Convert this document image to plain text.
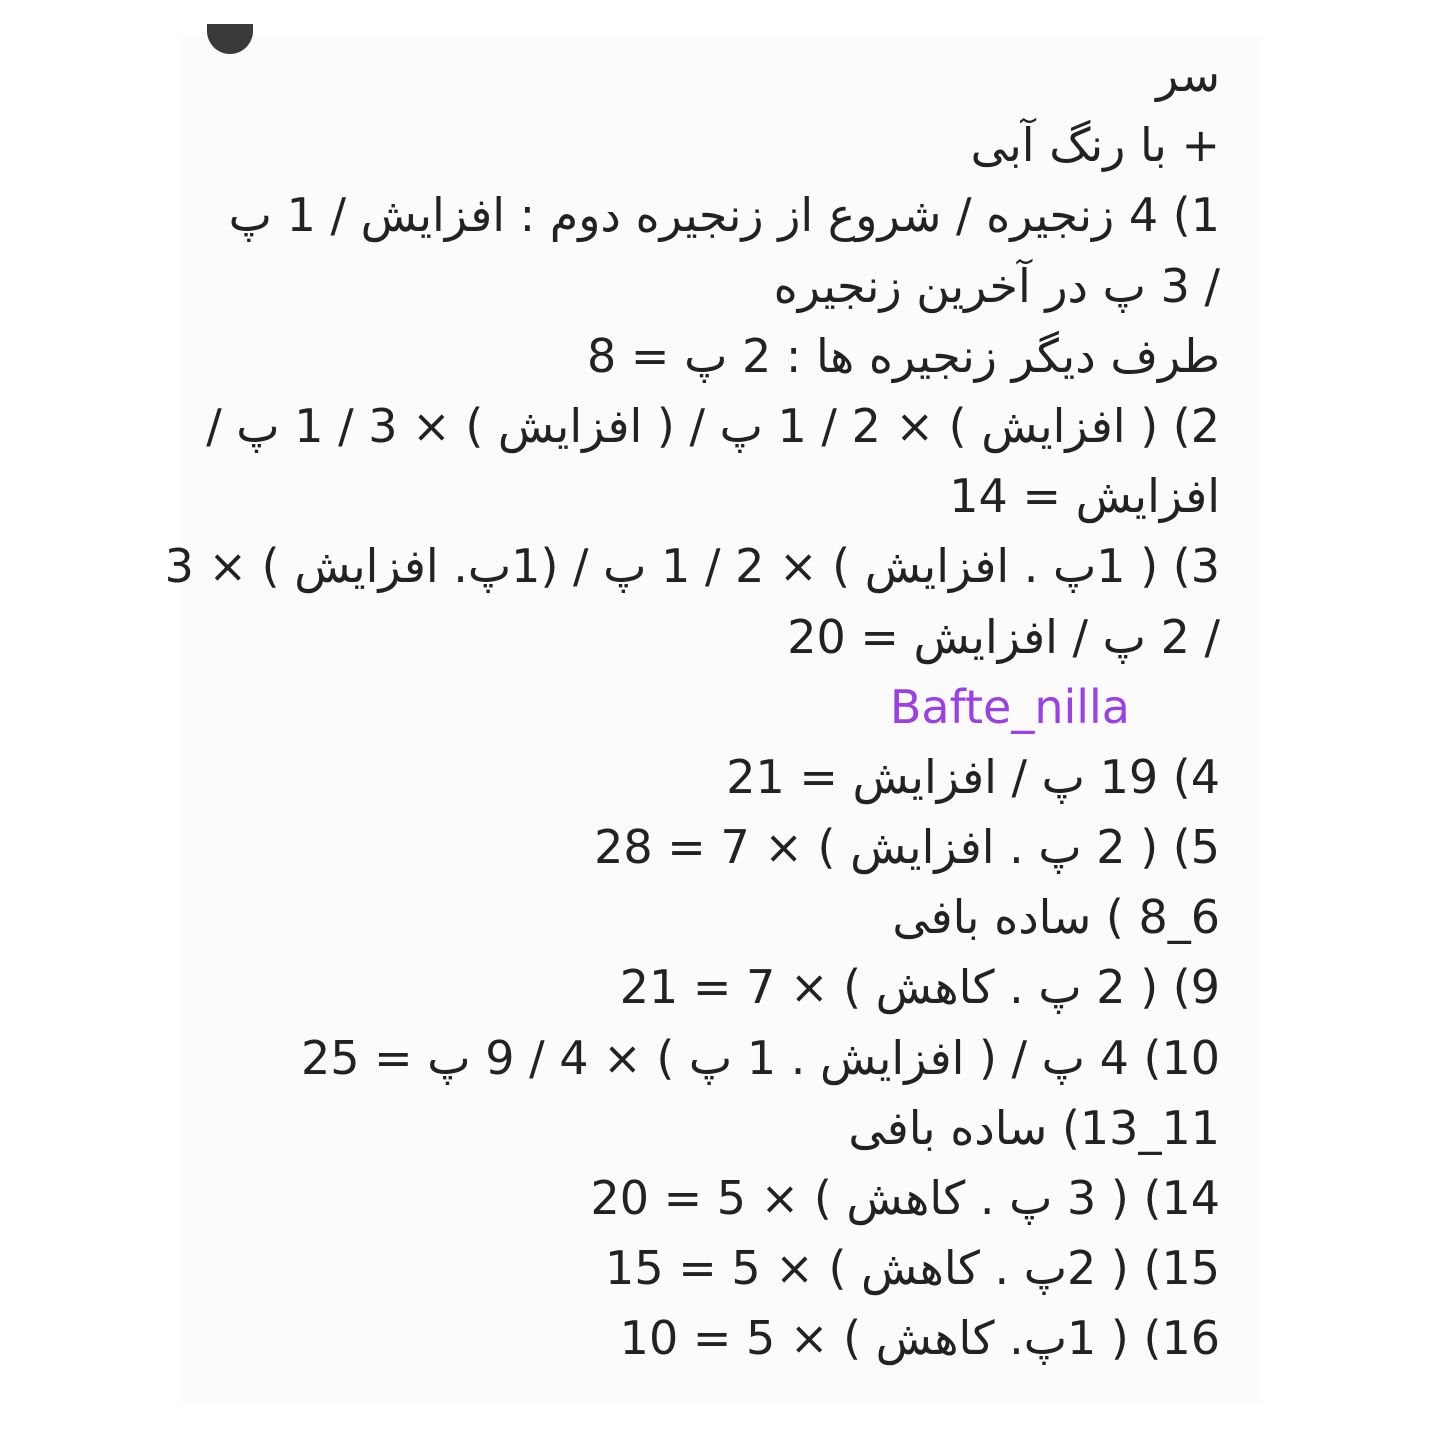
سر
+ با رنگ آبی
1) 4 زنجیره / شروع از زنجیره دوم : افزایش / 1 پ
/ 3 پ در آخرین زنجیره
طرف دیگر زنجیره ها : 2 پ = 8
2) ( افزایش ) × 2 / 1 پ / ( افزایش ) × 3 / 1 پ /
افزایش = 14
3) ( 1پ . افزایش ) × 2 / 1 پ / (1پ. افزایش ) × 3
/ 2 پ / افزایش = 20
Bafte_nilla
4) 19 پ / افزایش = 21
5) ( 2 پ . افزایش ) × 7 = 28
6_8 ) ساده بافی
9) ( 2 پ . کاهش ) × 7 = 21
10) 4 پ / ( افزایش . 1 پ ) × 4 / 9 پ = 25
11_13) ساده بافی
14) ( 3 پ . کاهش ) × 5 = 20
15) ( 2پ . کاهش ) × 5 = 15
16) ( 1پ. کاهش ) × 5 = 10
